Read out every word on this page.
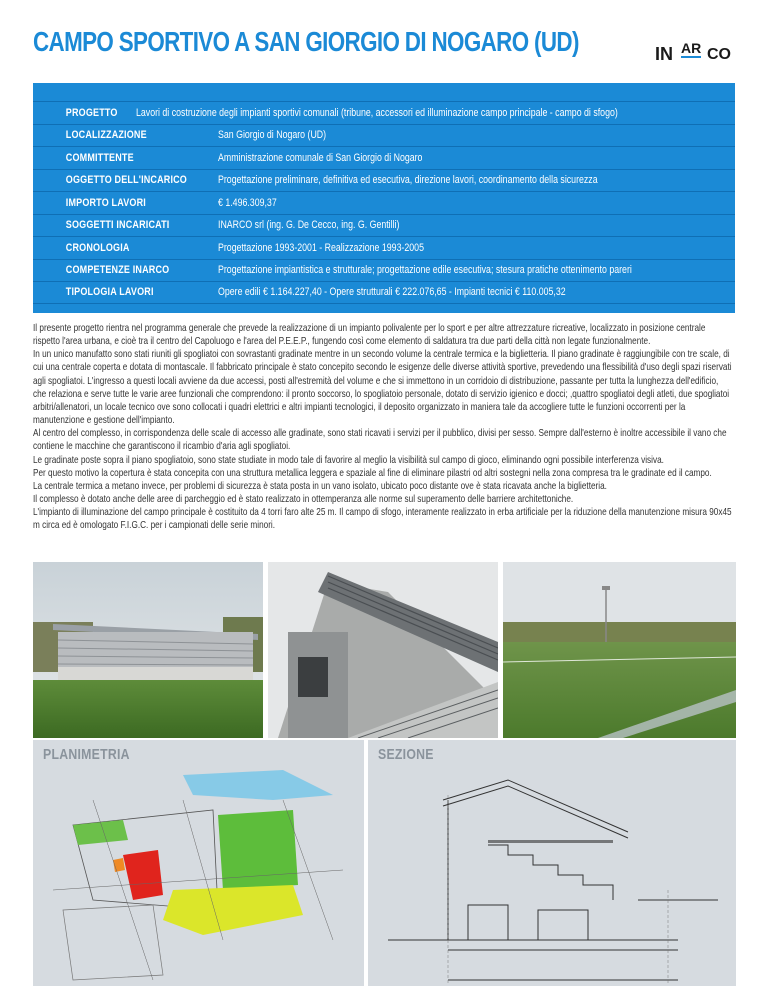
CAMPO SPORTIVO A SAN GIORGIO DI NOGARO (UD)	IN AR CO
PROGETTO Lavori di costruzione degli impianti sportivi comunali (tribune, accessori ed illuminazione campo principale - campo di sfogo)
LOCALIZZAZIONE	San Giorgio di Nogaro (UD)
COMMITTENTE	Amministrazione comunale di San Giorgio di Nogaro
OGGETTO DELL'INCARICO	Progettazione preliminare, definitiva ed esecutiva, direzione lavori, coordinamento della sicurezza
IMPORTO LAVORI	€ 1.496.309,37
SOGGETTI INCARICATI	INARCO srl (ing. G. De Cecco, ing. G. Gentilli)
CRONOLOGIA	Progettazione 1993-2001 - Realizzazione 1993-2005
COMPETENZE INARCO	Progettazione impiantistica e strutturale; progettazione edile esecutiva; stesura pratiche ottenimento pareri
TIPOLOGIA LAVORI	Opere edili € 1.164.227,40 - Opere strutturali € 222.076,65 - Impianti tecnici € 110.005,32

Il presente progetto rientra nel programma generale che prevede la realizzazione di un impianto polivalente per lo sport e per altre attrezzature ricreative, localizzato in posizione centrale rispetto l'area urbana, e cioè tra il centro del Capoluogo e l'area del P.E.E.P., fungendo così come elemento di saldatura tra due parti della città non legate funzionalmente.

In un unico manufatto sono stati riuniti gli spogliatoi con sovrastanti gradinate mentre in un secondo volume la centrale termica e la biglietteria. Il piano gradinate è raggiungibile con tre scale, di cui una centrale coperta e dotata di montascale. Il fabbricato principale è stato concepito secondo le esigenze delle diverse attività sportive, prevedendo una flessibilità d'uso degli spazi riservati agli spogliatoi. L'ingresso a questi locali avviene da due accessi, posti all'estremità del volume e che si immettono in un corridoio di distribuzione, passante per tutta la lunghezza dell'edificio, che relaziona e serve tutte le varie aree funzionali che comprendono: il pronto soccorso, lo spogliatoio personale, dotato di servizio igienico e docci; ,quattro spogliatoi degli atleti, due spogliatoi arbitri/allenatori, un locale tecnico ove sono collocati i quadri elettrici e altri impianti tecnologici, il deposito organizzato in maniera tale da accogliere tutte le funzioni occorrenti per la manutenzione e gestione dell'impianto.

Al centro del complesso, in corrispondenza delle scale di accesso alle gradinate, sono stati ricavati i servizi per il pubblico, divisi per sesso. Sempre dall'esterno è inoltre accessibile il vano che contiene le macchine che garantiscono il ricambio d'aria agli spogliatoi.

Le gradinate poste sopra il piano spogliatoio, sono state studiate in modo tale di favorire al meglio la visibilità sul campo di gioco, eliminando ogni possibile interferenza visiva.

Per questo motivo la copertura è stata concepita con una struttura metallica leggera e spaziale al fine di eliminare pilastri od altri sostegni nella zona compresa tra le gradinate ed il campo.

La centrale termica a metano invece, per problemi di sicurezza è stata posta in un vano isolato, ubicato poco distante ove è stata ricavata anche la biglietteria.

Il complesso è dotato anche delle aree di parcheggio ed è stato realizzato in ottemperanza alle norme sul superamento delle barriere architettoniche.

L'impianto di illuminazione del campo principale è costituito da 4 torri faro alte 25 m. Il campo di sfogo, interamente realizzato in erba artificiale per la riduzione della manutenzione misura 90x45 m circa ed è omologato F.I.G.C. per i campionati delle serie minori.

PLANIMETRIA	SEZIONE
